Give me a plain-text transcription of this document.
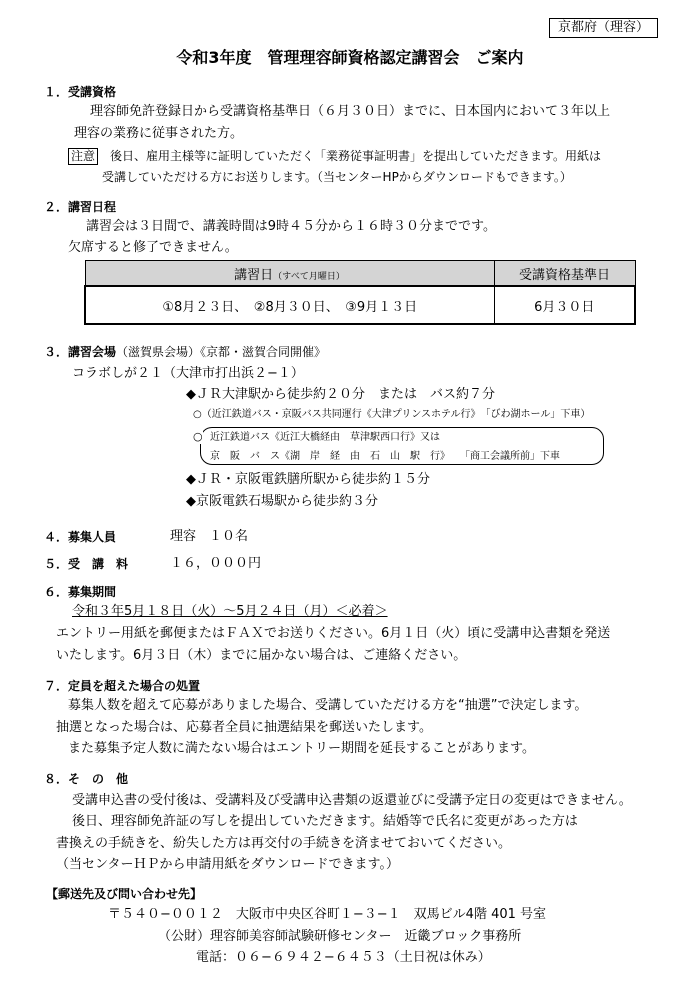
京都府（理容）
令和3年度　管理理容師資格認定講習会　ご案内
１．受講資格
理容師免許登録日から受講資格基準日（６月３０日）までに、日本国内において３年以上
理容の業務に従事された方。
注意 後日、雇用主様等に証明していただく「業務従事証明書」を提出していただきます。用紙は
受講していただける方にお送りします。（当センターHPからダウンロードもできます。）
２．講習日程
講習会は３日間で、講義時間は9時４５分から１６時３０分までです。
欠席すると修了できません。
講習日（すべて月曜日）	受講資格基準日
①8月２３日、　②8月３０日、　③9月１３日	6月３０日
３．講習会場（滋賀県会場）《京都・滋賀合同開催》
コラボしが２１（大津市打出浜２−１）
◆ＪＲ大津駅から徒歩約２０分　または　バス約７分
○（近江鉄道バス・京阪バス共同運行《大津プリンスホテル行》　「びわ湖ホール」下車）
○ 近江鉄道バス《近江大橋経由　草津駅西口行》又は
京　阪　バ　ス《湖　岸　経　由　石　山　駅　行》　　「商工会議所前」下車
◆ＪＲ・京阪電鉄膳所駅から徒歩約１５分
◆京阪電鉄石場駅から徒歩約３分
４．募集人員	理容　１０名
５．受　講　料	１６，０００円
６．募集期間
令和３年5月１８日（火）〜5月２４日（月）＜必着＞
エントリー用紙を郵便またはＦＡＸでお送りください。6月１日（火）頃に受講申込書類を発送
いたします。6月３日（木）までに届かない場合は、ご連絡ください。
７．定員を超えた場合の処置
募集人数を超えて応募がありました場合、受講していただける方を“抽選”で決定します。
抽選となった場合は、応募者全員に抽選結果を郵送いたします。
また募集予定人数に満たない場合はエントリー期間を延長することがあります。
８．そ　の　他
受講申込書の受付後は、受講料及び受講申込書類の返還並びに受講予定日の変更はできません。
後日、理容師免許証の写しを提出していただきます。結婚等で氏名に変更があった方は
書換えの手続きを、紛失した方は再交付の手続きを済ませておいてください。
（当センターＨＰから申請用紙をダウンロードできます。）
【郵送先及び問い合わせ先】
〒５４０−００１２　大阪市中央区谷町１−３−１　双馬ビル4階 401 号室
（公財）理容師美容師試験研修センター　近畿ブロック事務所
電話：０６−６９４２−６４５３（土日祝は休み）
